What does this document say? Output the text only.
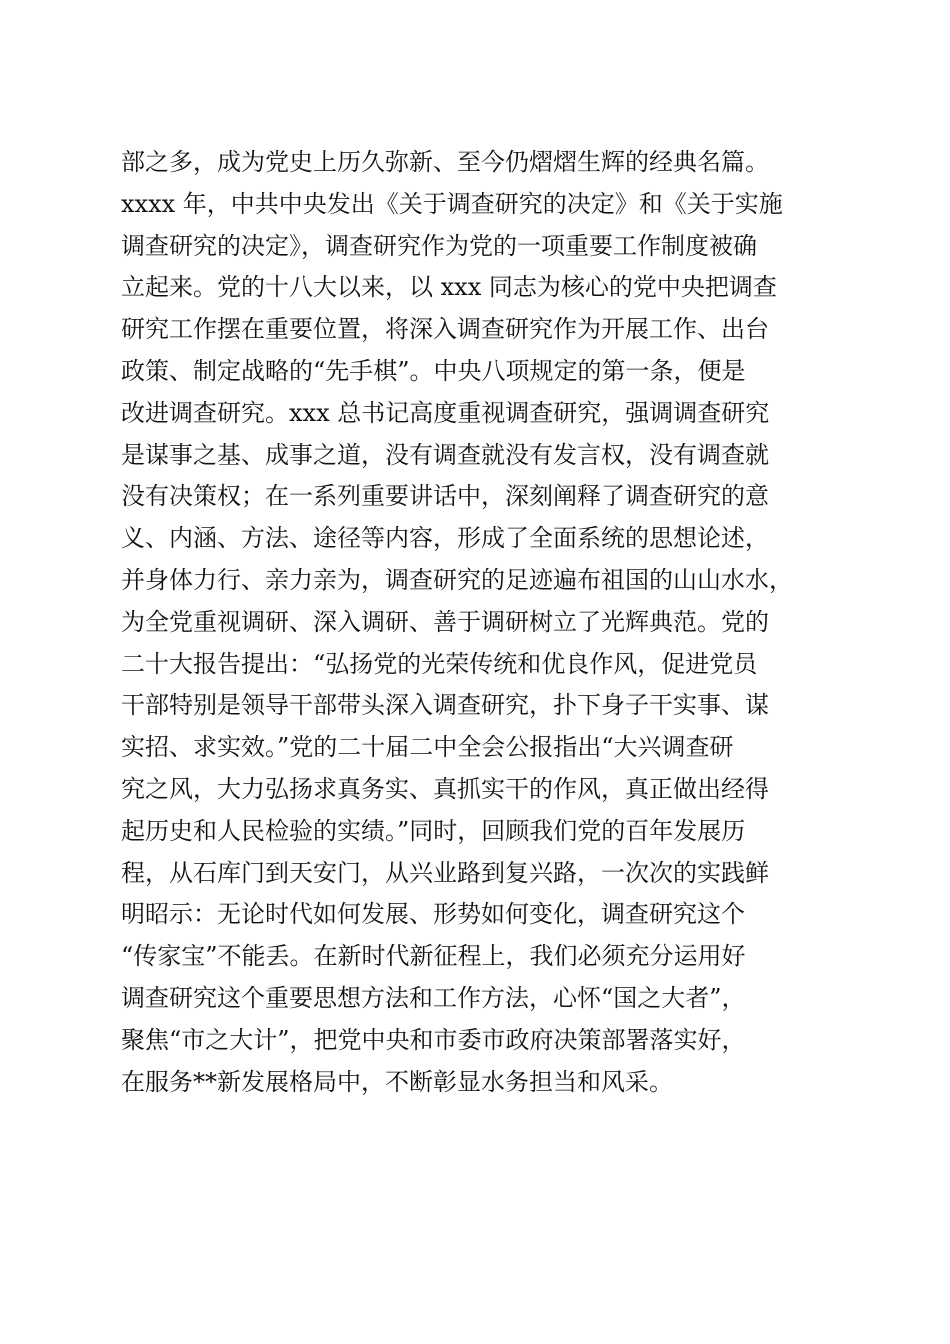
部之多，成为党史上历久弥新、至今仍熠熠生辉的经典名篇。
xxxx 年，中共中央发出《关于调查研究的决定》和《关于实施
调查研究的决定》，调查研究作为党的一项重要工作制度被确
立起来。党的十八大以来，以 xxx 同志为核心的党中央把调查
研究工作摆在重要位置，将深入调查研究作为开展工作、出台
政策、制定战略的“先手棋”。中央八项规定的第一条，便是
改进调查研究。xxx 总书记高度重视调查研究，强调调查研究
是谋事之基、成事之道，没有调查就没有发言权，没有调查就
没有决策权；在一系列重要讲话中，深刻阐释了调查研究的意
义、内涵、方法、途径等内容，形成了全面系统的思想论述，
并身体力行、亲力亲为，调查研究的足迹遍布祖国的山山水水，
为全党重视调研、深入调研、善于调研树立了光辉典范。党的
二十大报告提出：“弘扬党的光荣传统和优良作风，促进党员
干部特别是领导干部带头深入调查研究，扑下身子干实事、谋
实招、求实效。”党的二十届二中全会公报指出“大兴调查研
究之风，大力弘扬求真务实、真抓实干的作风，真正做出经得
起历史和人民检验的实绩。”同时，回顾我们党的百年发展历
程，从石库门到天安门，从兴业路到复兴路，一次次的实践鲜
明昭示：无论时代如何发展、形势如何变化，调查研究这个
“传家宝”不能丢。在新时代新征程上，我们必须充分运用好
调查研究这个重要思想方法和工作方法，心怀“国之大者”，
聚焦“市之大计”，把党中央和市委市政府决策部署落实好，
在服务**新发展格局中，不断彰显水务担当和风采。
